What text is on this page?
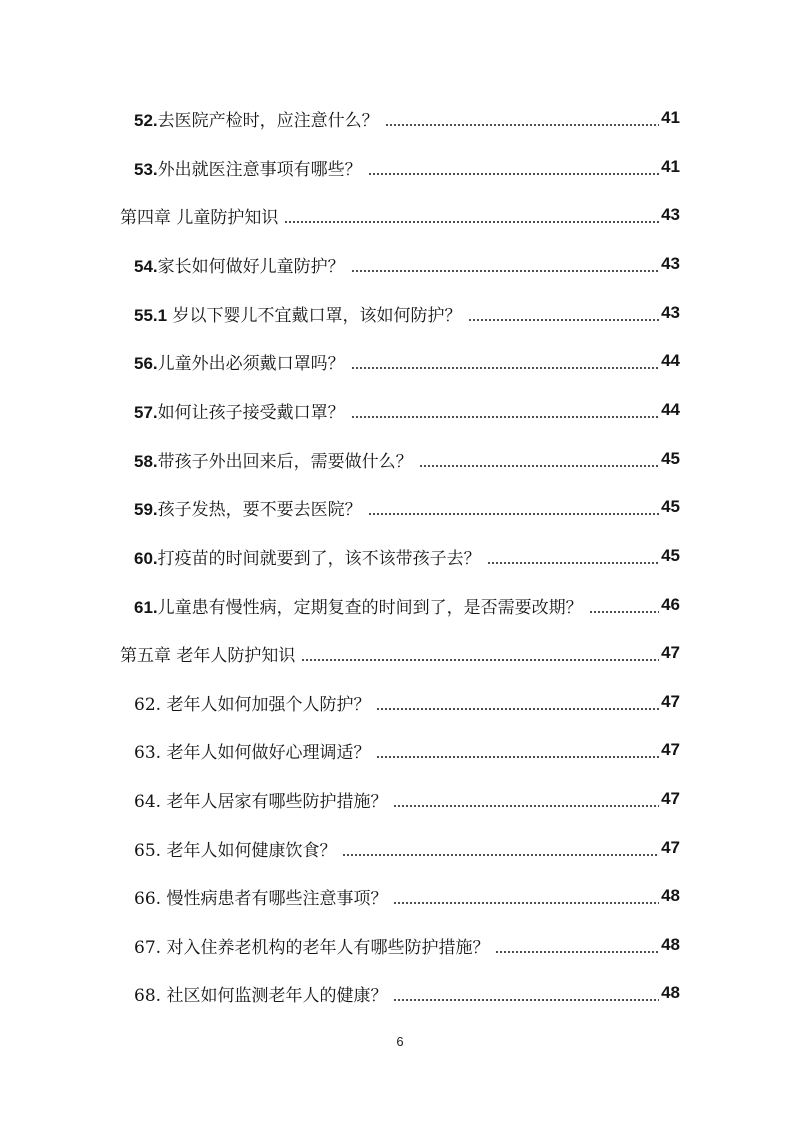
52.去医院产检时，应注意什么？	41
53.外出就医注意事项有哪些？	41
第四章 儿童防护知识	43
54.家长如何做好儿童防护？	43
55.1 岁以下婴儿不宜戴口罩，该如何防护？	43
56.儿童外出必须戴口罩吗？	44
57.如何让孩子接受戴口罩？	44
58.带孩子外出回来后，需要做什么？	45
59.孩子发热，要不要去医院？	45
60.打疫苗的时间就要到了，该不该带孩子去？	45
61.儿童患有慢性病，定期复查的时间到了，是否需要改期？	46
第五章 老年人防护知识	47
62. 老年人如何加强个人防护？	47
63. 老年人如何做好心理调适？	47
64. 老年人居家有哪些防护措施？	47
65. 老年人如何健康饮食？	47
66. 慢性病患者有哪些注意事项？	48
67. 对入住养老机构的老年人有哪些防护措施？	48
68. 社区如何监测老年人的健康？	48
6
